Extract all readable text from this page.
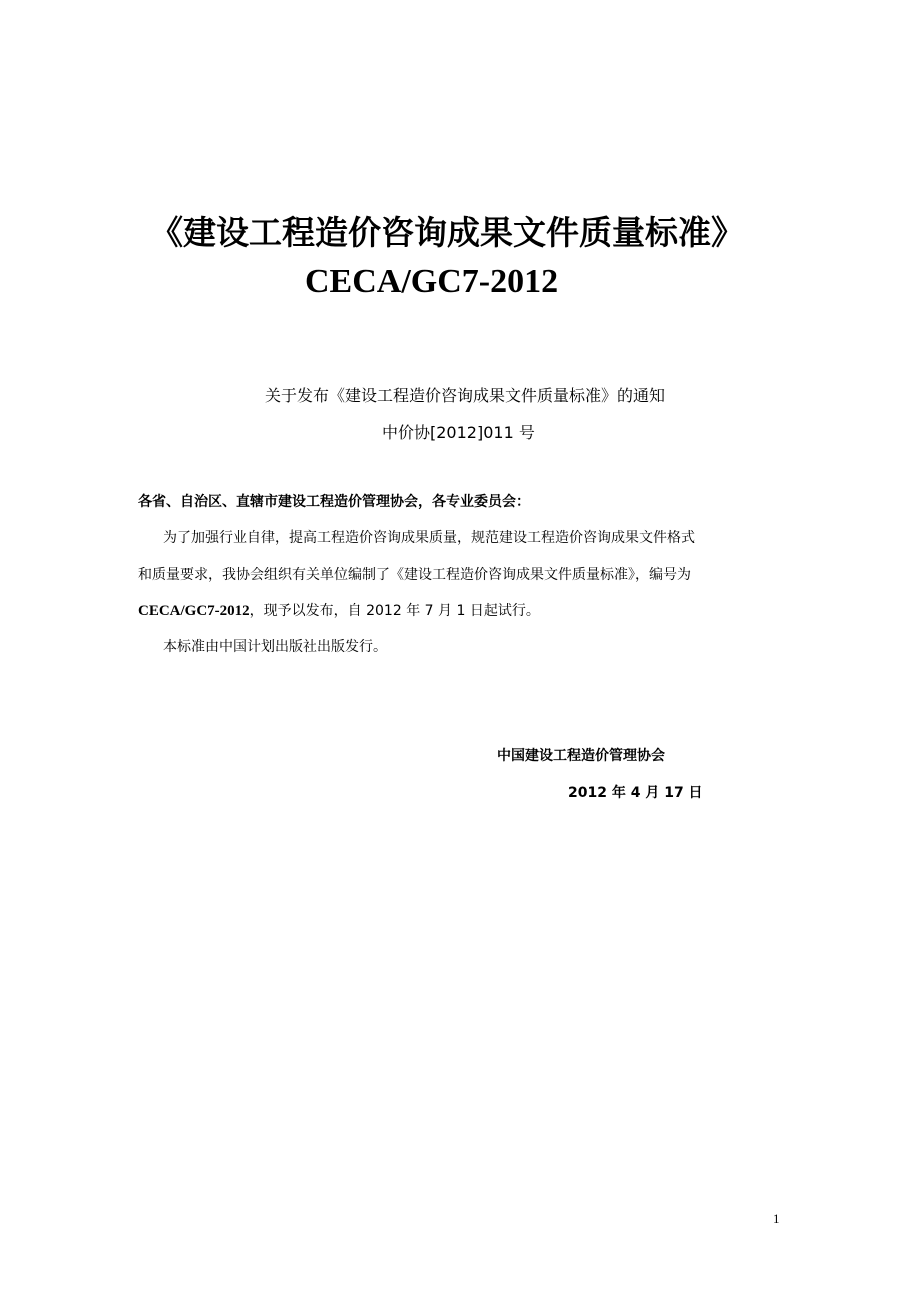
《建设工程造价咨询成果文件质量标准》
CECA/GC7-2012
关于发布《建设工程造价咨询成果文件质量标准》的通知
中价协[2012]011 号
各省、自治区、直辖市建设工程造价管理协会，各专业委员会：
为了加强行业自律，提高工程造价咨询成果质量，规范建设工程造价咨询成果文件格式
和质量要求，我协会组织有关单位编制了《建设工程造价咨询成果文件质量标准》，编号为
CECA/GC7-2012，现予以发布，自 2012 年 7 月 1 日起试行。
本标准由中国计划出版社出版发行。
中国建设工程造价管理协会
2012 年 4 月 17 日
1
